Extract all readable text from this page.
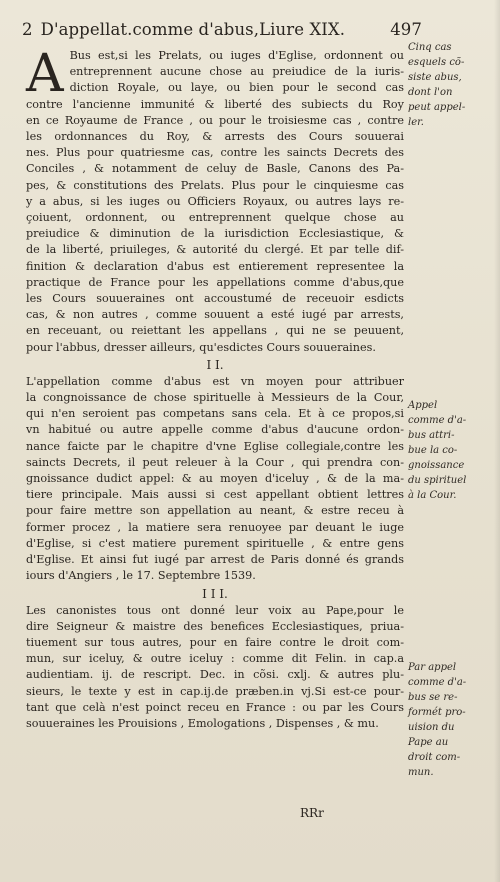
2 D'appellat.comme d'abus,Liure XIX.	497
A Bus est,si les Prelats, ou iuges d'Eglise, ordonnent ou
entreprennent aucune chose au preiudice de la iuris-
diction Royale, ou laye, ou bien pour le second cas
contre l'ancienne immunité & liberté des subiects du Roy
en ce Royaume de France , ou pour le troisiesme cas , contre
les ordonnances du Roy, & arrests des Cours souuerai
nes. Plus pour quatriesme cas, contre les saincts Decrets des
Conciles , & notamment de celuy de Basle, Canons des Pa-
pes, & constitutions des Prelats. Plus pour le cinquiesme cas
y a abus, si les iuges ou Officiers Royaux, ou autres lays re-
çoiuent, ordonnent, ou entreprennent quelque chose au
preiudice & diminution de la iurisdiction Ecclesiastique, &
de la liberté, priuileges, & autorité du clergé. Et par telle dif-
finition & declaration d'abus est entierement representee la
practique de France pour les appellations comme d'abus,que
les Cours souueraines ont accoustumé de receuoir esdicts
cas, & non autres , comme souuent a esté iugé par arrests,
en receuant, ou reiettant les appellans , qui ne se peuuent,
pour l'abbus, dresser ailleurs, qu'esdictes Cours souueraines.
I I.
L'appellation comme d'abus est vn moyen pour attribuer
la congnoissance de chose spirituelle à Messieurs de la Cour,
qui n'en seroient pas competans sans cela. Et à ce propos,si
vn habitué ou autre appelle comme d'abus d'aucune ordon-
nance faicte par le chapitre d'vne Eglise collegiale,contre les
saincts Decrets, il peut releuer à la Cour , qui prendra con-
gnoissance dudict appel: & au moyen d'iceluy , & de la ma-
tiere principale. Mais aussi si cest appellant obtient lettres
pour faire mettre son appellation au neant, & estre receu à
former procez , la matiere sera renuoyee par deuant le iuge
d'Eglise, si c'est matiere purement spirituelle , & entre gens
d'Eglise. Et ainsi fut iugé par arrest de Paris donné és grands
iours d'Angiers , le 17. Septembre 1539.
I I I.
Les canonistes tous ont donné leur voix au Pape,pour le
dire Seigneur & maistre des benefices Ecclesiastiques, priua-
tiuement sur tous autres, pour en faire contre le droit com-
mun, sur iceluy, & outre iceluy : comme dit Felin. in cap.a
audientiam. ij. de rescript. Dec. in cõsi. cxlj. & autres plu-
sieurs, le texte y est in cap.ij.de præben.in vj.Si est-ce pour-
tant que celà n'est poinct receu en France : ou par les Cours
souueraines les Prouisions , Emologations , Dispenses , & mu.
Cinq cas
esquels cõ-
siste abus,
dont l'on
peut appel-
ler.
Appel
comme d'a-
bus attri-
bue la co-
gnoissance
du spirituel
à la Cour.
Par appel
comme d'a-
bus se re-
formét pro-
uision du
Pape au
droit com-
mun.
RRr
